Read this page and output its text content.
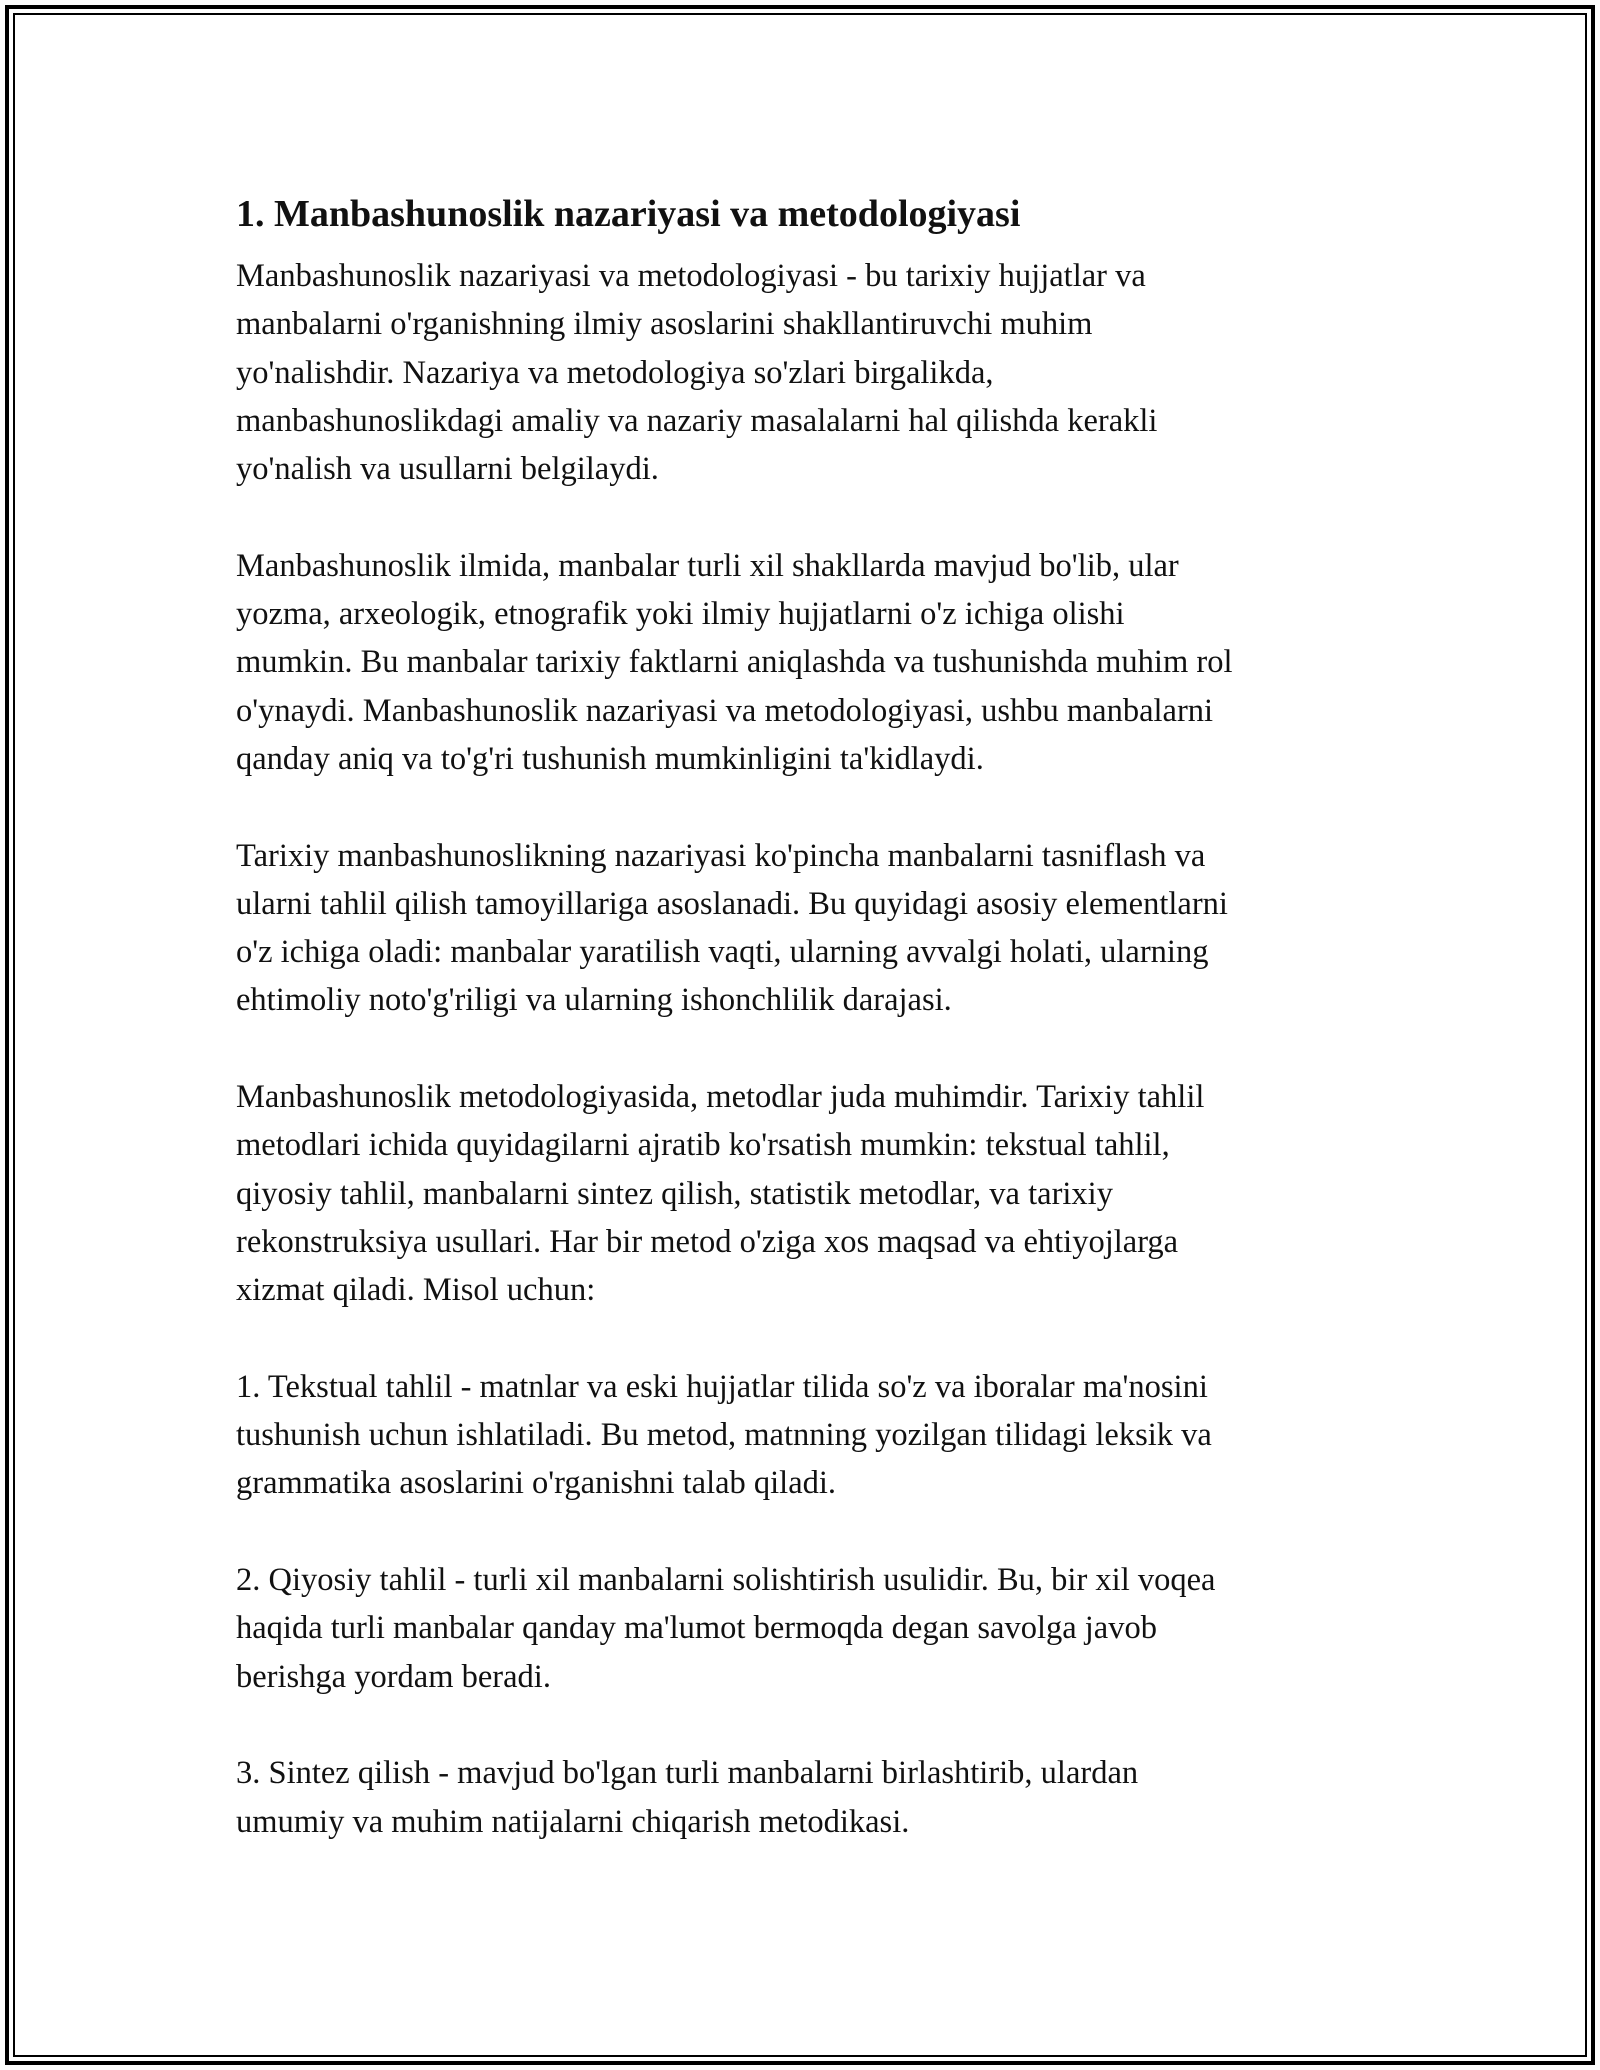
1. Manbashunoslik nazariyasi va metodologiyasi

Manbashunoslik nazariyasi va metodologiyasi - bu tarixiy hujjatlar va
manbalarni o'rganishning ilmiy asoslarini shakllantiruvchi muhim
yo'nalishdir. Nazariya va metodologiya so'zlari birgalikda,
manbashunoslikdagi amaliy va nazariy masalalarni hal qilishda kerakli
yo'nalish va usullarni belgilaydi.

Manbashunoslik ilmida, manbalar turli xil shakllarda mavjud bo'lib, ular
yozma, arxeologik, etnografik yoki ilmiy hujjatlarni o'z ichiga olishi
mumkin. Bu manbalar tarixiy faktlarni aniqlashda va tushunishda muhim rol
o'ynaydi. Manbashunoslik nazariyasi va metodologiyasi, ushbu manbalarni
qanday aniq va to'g'ri tushunish mumkinligini ta'kidlaydi.

Tarixiy manbashunoslikning nazariyasi ko'pincha manbalarni tasniflash va
ularni tahlil qilish tamoyillariga asoslanadi. Bu quyidagi asosiy elementlarni
o'z ichiga oladi: manbalar yaratilish vaqti, ularning avvalgi holati, ularning
ehtimoliy noto'g'riligi va ularning ishonchlilik darajasi.

Manbashunoslik metodologiyasida, metodlar juda muhimdir. Tarixiy tahlil
metodlari ichida quyidagilarni ajratib ko'rsatish mumkin: tekstual tahlil,
qiyosiy tahlil, manbalarni sintez qilish, statistik metodlar, va tarixiy
rekonstruksiya usullari. Har bir metod o'ziga xos maqsad va ehtiyojlarga
xizmat qiladi. Misol uchun:

1. Tekstual tahlil - matnlar va eski hujjatlar tilida so'z va iboralar ma'nosini
tushunish uchun ishlatiladi. Bu metod, matnning yozilgan tilidagi leksik va
grammatika asoslarini o'rganishni talab qiladi.

2. Qiyosiy tahlil - turli xil manbalarni solishtirish usulidir. Bu, bir xil voqea
haqida turli manbalar qanday ma'lumot bermoqda degan savolga javob
berishga yordam beradi.

3. Sintez qilish - mavjud bo'lgan turli manbalarni birlashtirib, ulardan
umumiy va muhim natijalarni chiqarish metodikasi.
